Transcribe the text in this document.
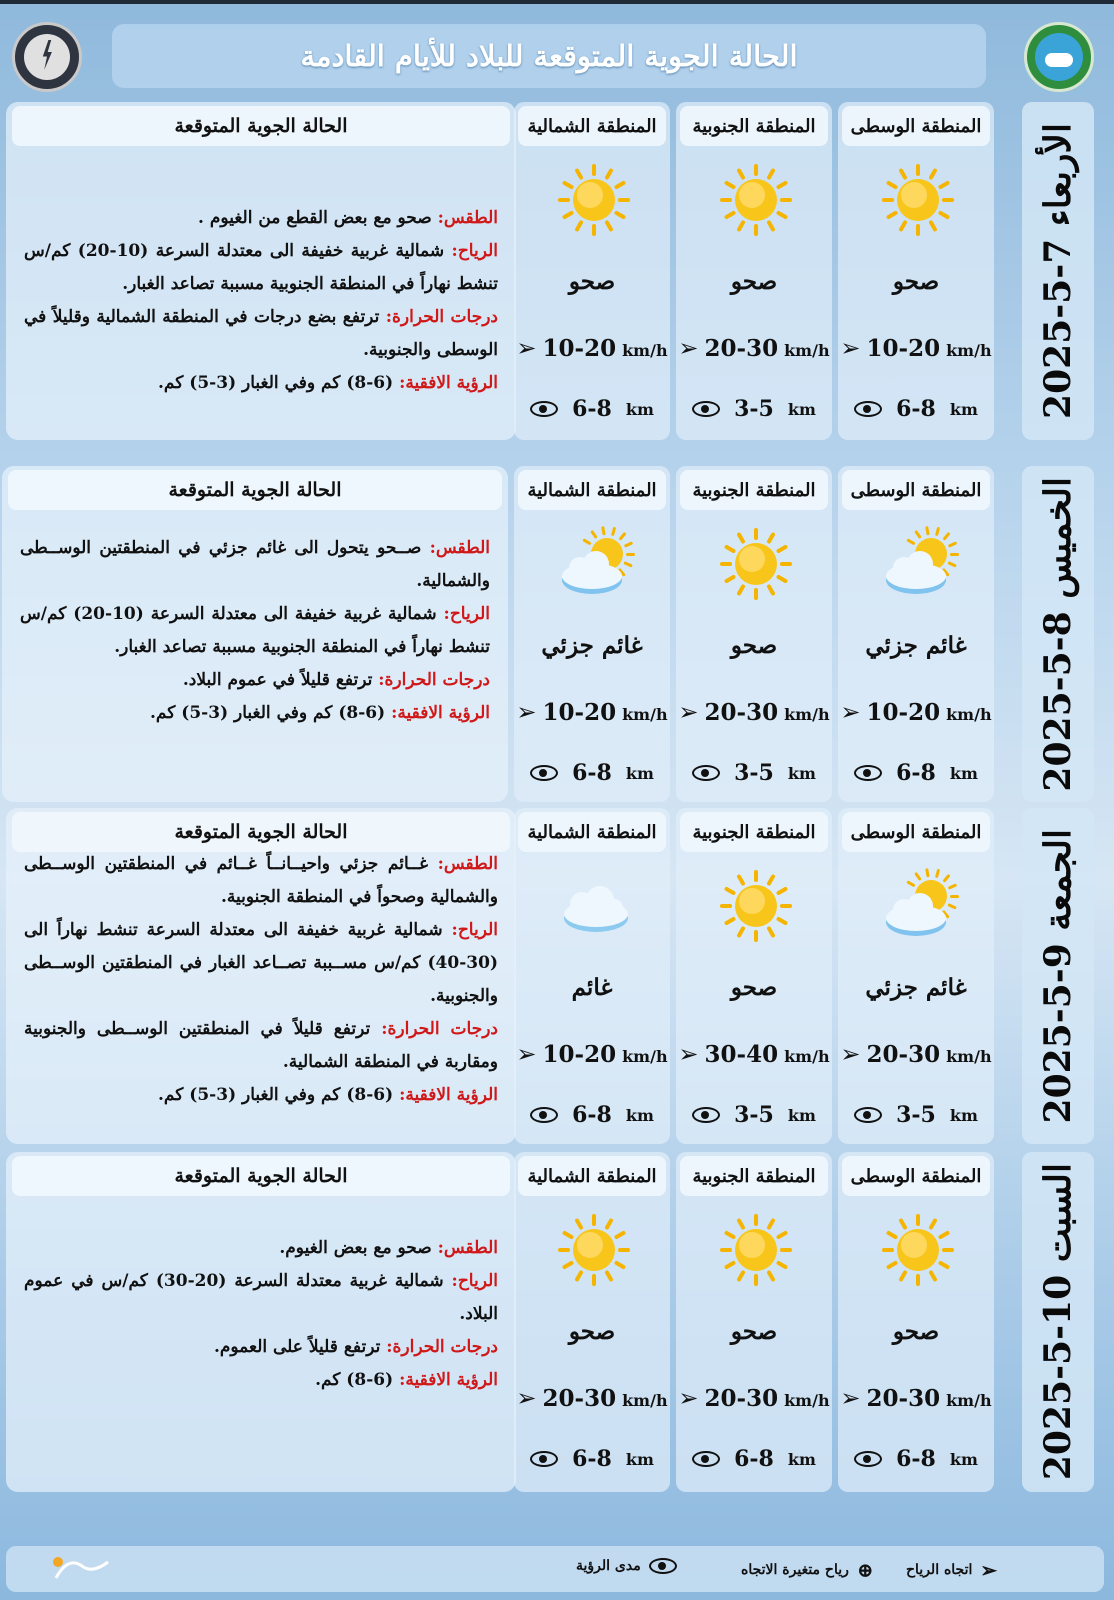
الحالة الجوية المتوقعة للبلاد للأيام القادمة
الأربعاء 7-5-2025
المنطقة الوسطى
صحو
➢ 10-20 km/h
6-8 km
المنطقة الجنوبية
صحو
➢ 20-30 km/h
3-5 km
المنطقة الشمالية
صحو
➢ 10-20 km/h
6-8 km
الحالة الجوية المتوقعة

الطقس: صحو مع بعض القطع من الغيوم .

الرياح: شمالية غربية خفيفة الى معتدلة السرعة (10-20) كم/س تنشط نهاراً في المنطقة الجنوبية مسببة تصاعد الغبار.

درجات الحرارة: ترتفع بضع درجات في المنطقة الشمالية وقليلاً في الوسطى والجنوبية.

الرؤية الافقية: (6-8) كم وفي الغبار (3-5) كم.

الخميس 8-5-2025
المنطقة الوسطى
غائم جزئي
➢ 10-20 km/h
6-8 km
المنطقة الجنوبية
صحو
➢ 20-30 km/h
3-5 km
المنطقة الشمالية
غائم جزئي
➢ 10-20 km/h
6-8 km
الحالة الجوية المتوقعة

الطقس: صــحو يتحول الى غائم جزئي في المنطقتين الوســطى والشمالية.

الرياح: شمالية غربية خفيفة الى معتدلة السرعة (10-20) كم/س تنشط نهاراً في المنطقة الجنوبية مسببة تصاعد الغبار.

درجات الحرارة: ترتفع قليلاً في عموم البلاد.

الرؤية الافقية: (6-8) كم وفي الغبار (3-5) كم.

الجمعة 9-5-2025
المنطقة الوسطى
غائم جزئي
➢ 20-30 km/h
3-5 km
المنطقة الجنوبية
صحو
➢ 30-40 km/h
3-5 km
المنطقة الشمالية
غائم
➢ 10-20 km/h
6-8 km
الحالة الجوية المتوقعة

الطقس: غــائم جزئي واحيــانــاً غــائم في المنطقتين الوســطى والشمالية وصحواً في المنطقة الجنوبية.

الرياح: شمالية غربية خفيفة الى معتدلة السرعة تنشط نهاراً الى (30-40) كم/س مســببة تصــاعد الغبار في المنطقتين الوســطى والجنوبية.

درجات الحرارة: ترتفع قليلاً في المنطقتين الوســطى والجنوبية ومقاربة في المنطقة الشمالية.

الرؤية الافقية: (6-8) كم وفي الغبار (3-5) كم.

السبت 10-5-2025
المنطقة الوسطى
صحو
➢ 20-30 km/h
6-8 km
المنطقة الجنوبية
صحو
➢ 20-30 km/h
6-8 km
المنطقة الشمالية
صحو
➢ 20-30 km/h
6-8 km
الحالة الجوية المتوقعة

الطقس: صحو مع بعض الغيوم.

الرياح: شمالية غربية معتدلة السرعة (20-30) كم/س في عموم البلاد.

درجات الحرارة: ترتفع قليلاً على العموم.

الرؤية الافقية: (6-8) كم.

➢
اتجاه الرياح
⊕
رياح متغيرة الاتجاه
مدى الرؤية
